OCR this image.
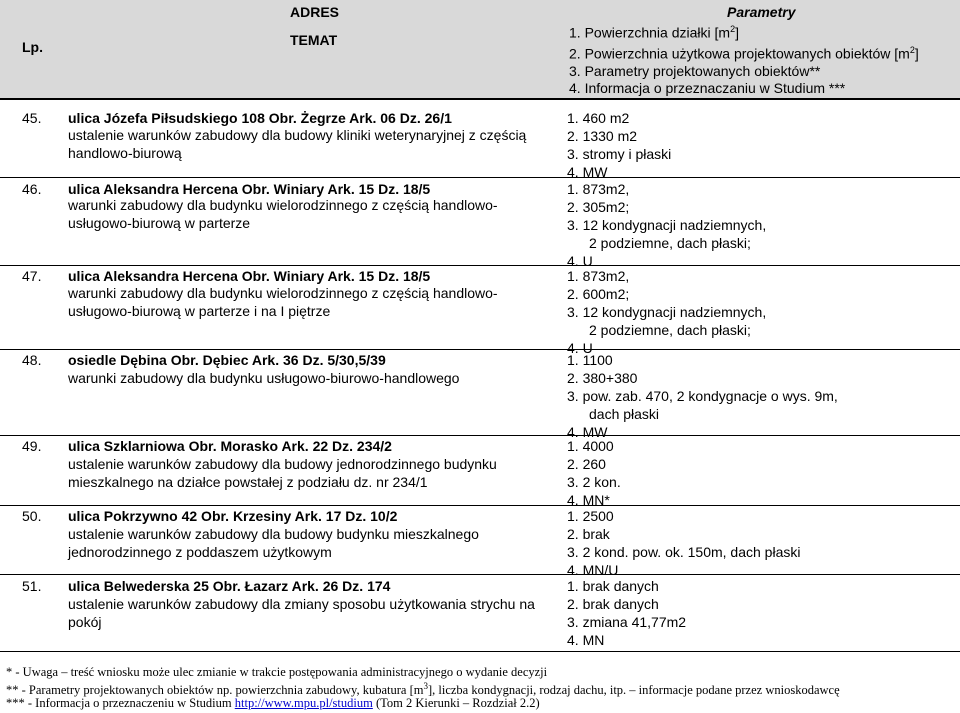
Lp.
ADRES
TEMAT
Parametry
1. Powierzchnia działki $[m^2]$
2. Powierzchnia użytkowa projektowanych obiektów $[m^2]$
3. Parametry projektowanych obiektów**
4. Informacja o przeznaczaniu w Studium ***
45. ulica Józefa Piłsudskiego 108 Obr. Żegrze Ark. 06 Dz. 26/1
ustalenie warunków zabudowy dla budowy kliniki weterynaryjnej z częścią handlowo-biurową
1. 460 m2
2. 1330 m2
3. stromy i płaski
4. MW
46. ulica Aleksandra Hercena Obr. Winiary Ark. 15 Dz. 18/5
warunki zabudowy dla budynku wielorodzinnego z częścią handlowo-usługowo-biurową w parterze
1. 873m2,
2. 305m2;
3. 12 kondygnacji nadziemnych,
2 podziemne, dach płaski;
4. U
47. ulica Aleksandra Hercena Obr. Winiary Ark. 15 Dz. 18/5
warunki zabudowy dla budynku wielorodzinnego z częścią handlowo-usługowo-biurową w parterze i na I piętrze
1. 873m2,
2. 600m2;
3. 12 kondygnacji nadziemnych,
2 podziemne, dach płaski;
4. U
48. osiedle Dębina Obr. Dębiec Ark. 36 Dz. 5/30,5/39
warunki zabudowy dla budynku usługowo-biurowo-handlowego
1. 1100
2. 380+380
3. pow. zab. 470, 2 kondygnacje o wys. 9m,
dach płaski
4. MW
49. ulica Szklarniowa Obr. Morasko Ark. 22 Dz. 234/2
ustalenie warunków zabudowy dla budowy jednorodzinnego budynku mieszkalnego na działce powstałej z podziału dz. nr 234/1
1. 4000
2. 260
3. 2 kon.
4. MN*
50. ulica Pokrzywno 42 Obr. Krzesiny Ark. 17 Dz. 10/2
ustalenie warunków zabudowy dla budowy budynku mieszkalnego jednorodzinnego z poddaszem użytkowym
1. 2500
2. brak
3. 2 kond. pow. ok. 150m, dach płaski
4. MN/U
51. ulica Belwederska 25 Obr. Łazarz Ark. 26 Dz. 174
ustalenie warunków zabudowy dla zmiany sposobu użytkowania strychu na pokój
1. brak danych
2. brak danych
3. zmiana 41,77m2
4. MN
* - Uwaga – treść wniosku może ulec zmianie w trakcie postępowania administracyjnego o wydanie decyzji
** - Parametry projektowanych obiektów np. powierzchnia zabudowy, kubatura $[m^3]$, liczba kondygnacji, rodzaj dachu, itp. – informacje podane przez wnioskodawcę
*** - Informacja o przeznaczeniu w Studium http://www.mpu.pl/studium (Tom 2 Kierunki – Rozdział 2.2)
